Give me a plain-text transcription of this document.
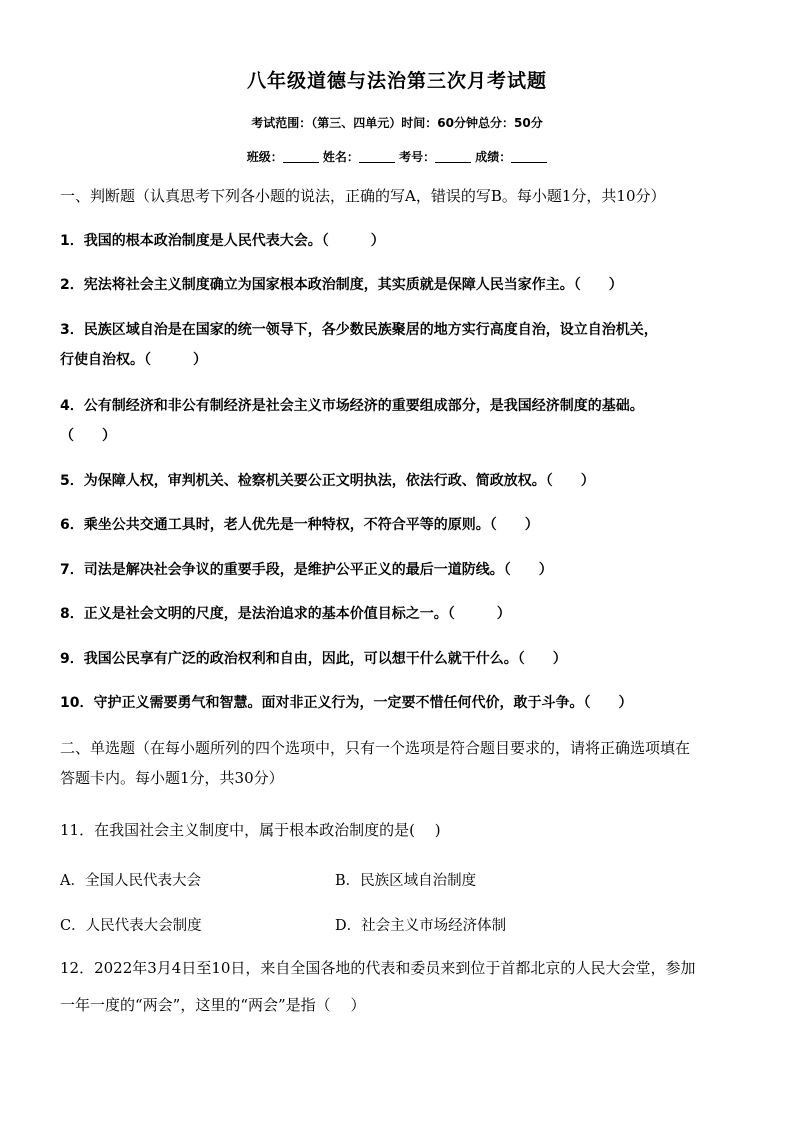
八年级道德与法治第三次月考试题
考试范围：（第三、四单元）时间：60分钟总分：50分
班级：	姓名：	考号：	成绩：
一、判断题（认真思考下列各小题的说法，正确的写A，错误的写B。每小题1分，共10分）
1．我国的根本政治制度是人民代表大会。（　　　）
2．宪法将社会主义制度确立为国家根本政治制度，其实质就是保障人民当家作主。（　　）
3．民族区域自治是在国家的统一领导下，各少数民族聚居的地方实行高度自治，设立自治机关，
行使自治权。（　　　）
4．公有制经济和非公有制经济是社会主义市场经济的重要组成部分，是我国经济制度的基础。
（　　）
5．为保障人权，审判机关、检察机关要公正文明执法，依法行政、简政放权。（　　）
6．乘坐公共交通工具时，老人优先是一种特权，不符合平等的原则。（　　）
7．司法是解决社会争议的重要手段，是维护公平正义的最后一道防线。（　　）
8．正义是社会文明的尺度，是法治追求的基本价值目标之一。（　　　）
9．我国公民享有广泛的政治权利和自由，因此，可以想干什么就干什么。（　　）
10．守护正义需要勇气和智慧。面对非正义行为，一定要不惜任何代价，敢于斗争。（　　）
二、单选题（在每小题所列的四个选项中，只有一个选项是符合题目要求的，请将正确选项填在
答题卡内。每小题1分，共30分）
11．在我国社会主义制度中，属于根本政治制度的是(　 )
A．全国人民代表大会	B．民族区域自治制度
C．人民代表大会制度	D．社会主义市场经济体制
12．2022年3月4日至10日，来自全国各地的代表和委员来到位于首都北京的人民大会堂，参加
一年一度的“两会”，这里的“两会”是指（　 ）
